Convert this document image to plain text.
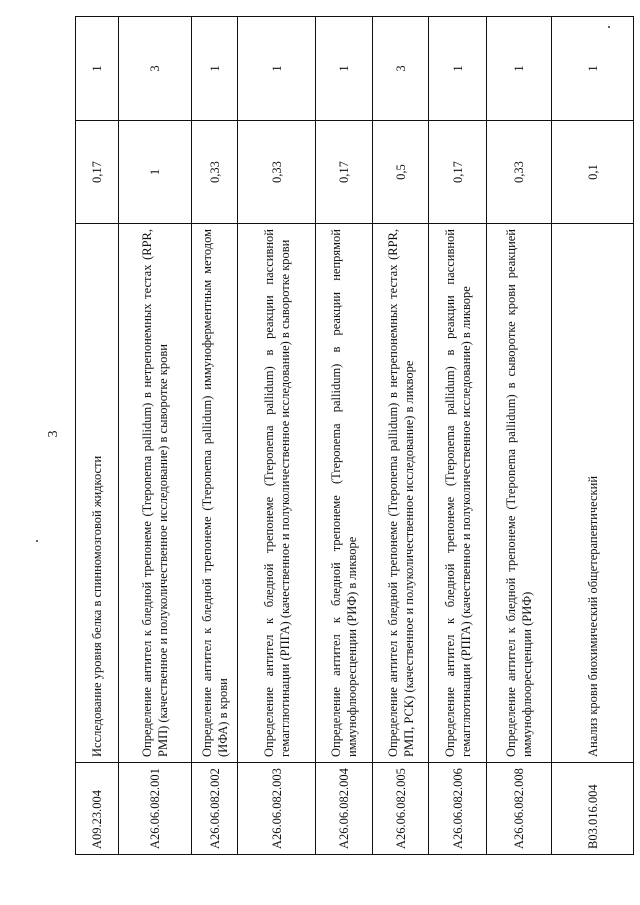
3
A09.23.004	Исследование уровня белка в спинномозговой жидкости	0,17	1
A26.06.082.001	Определение антител к бледной трепонеме (Treponema pallidum) в нетрепонемных тестах (RPR, РМП) (качественное и полуколичественное исследование) в сыворотке крови	1	3
A26.06.082.002	Определение антител к бледной трепонеме (Treponema pallidum) иммуноферментным методом (ИФА) в крови	0,33	1
A26.06.082.003	Определение антител к бледной трепонеме (Treponema pallidum) в реакции пассивной гемагглютинации (РПГА) (качественное и полуколичественное исследование) в сыворотке крови	0,33	1
A26.06.082.004	Определение антител к бледной трепонеме (Treponema pallidum) в реакции непрямой иммунофлюоресценции (РИФ) в ликворе	0,17	1
A26.06.082.005	Определение антител к бледной трепонеме (Treponema pallidum) в нетрепонемных тестах (RPR, РМП, РСК) (качественное и полуколичественное исследование) в ликворе	0,5	3
A26.06.082.006	Определение антител к бледной трепонеме (Treponema pallidum) в реакции пассивной гемагглютинации (РПГА) (качественное и полуколичественное исследование) в ликворе	0,17	1
A26.06.082.008	Определение антител к бледной трепонеме (Treponema pallidum) в сыворотке крови реакцией иммунофлюоресценции (РИФ)	0,33	1
B03.016.004	Анализ крови биохимический общетерапевтический	0,1	1
